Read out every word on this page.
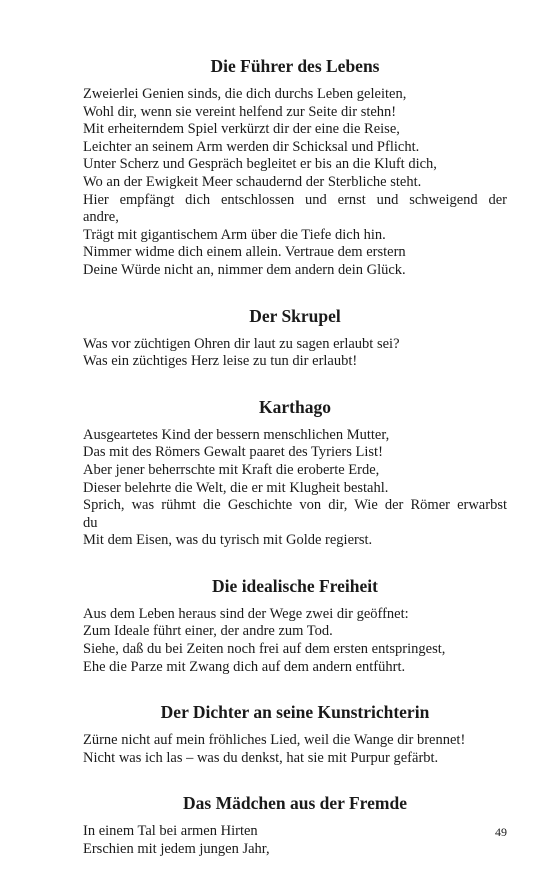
Die Führer des Lebens
Zweierlei Genien sinds, die dich durchs Leben geleiten,
Wohl dir, wenn sie vereint helfend zur Seite dir stehn!
Mit erheiterndem Spiel verkürzt dir der eine die Reise,
Leichter an seinem Arm werden dir Schicksal und Pflicht.
Unter Scherz und Gespräch begleitet er bis an die Kluft dich,
Wo an der Ewigkeit Meer schaudernd der Sterbliche steht.
Hier empfängt dich entschlossen und ernst und schweigend der
andre,
Trägt mit gigantischem Arm über die Tiefe dich hin.
Nimmer widme dich einem allein. Vertraue dem erstern
Deine Würde nicht an, nimmer dem andern dein Glück.
Der Skrupel
Was vor züchtigen Ohren dir laut zu sagen erlaubt sei?
Was ein züchtiges Herz leise zu tun dir erlaubt!
Karthago
Ausgeartetes Kind der bessern menschlichen Mutter,
Das mit des Römers Gewalt paaret des Tyriers List!
Aber jener beherrschte mit Kraft die eroberte Erde,
Dieser belehrte die Welt, die er mit Klugheit bestahl.
Sprich, was rühmt die Geschichte von dir, Wie der Römer erwarbst
du
Mit dem Eisen, was du tyrisch mit Golde regierst.
Die idealische Freiheit
Aus dem Leben heraus sind der Wege zwei dir geöffnet:
Zum Ideale führt einer, der andre zum Tod.
Siehe, daß du bei Zeiten noch frei auf dem ersten entspringest,
Ehe die Parze mit Zwang dich auf dem andern entführt.
Der Dichter an seine Kunstrichterin
Zürne nicht auf mein fröhliches Lied, weil die Wange dir brennet!
Nicht was ich las – was du denkst, hat sie mit Purpur gefärbt.
Das Mädchen aus der Fremde
In einem Tal bei armen Hirten
Erschien mit jedem jungen Jahr,
49
